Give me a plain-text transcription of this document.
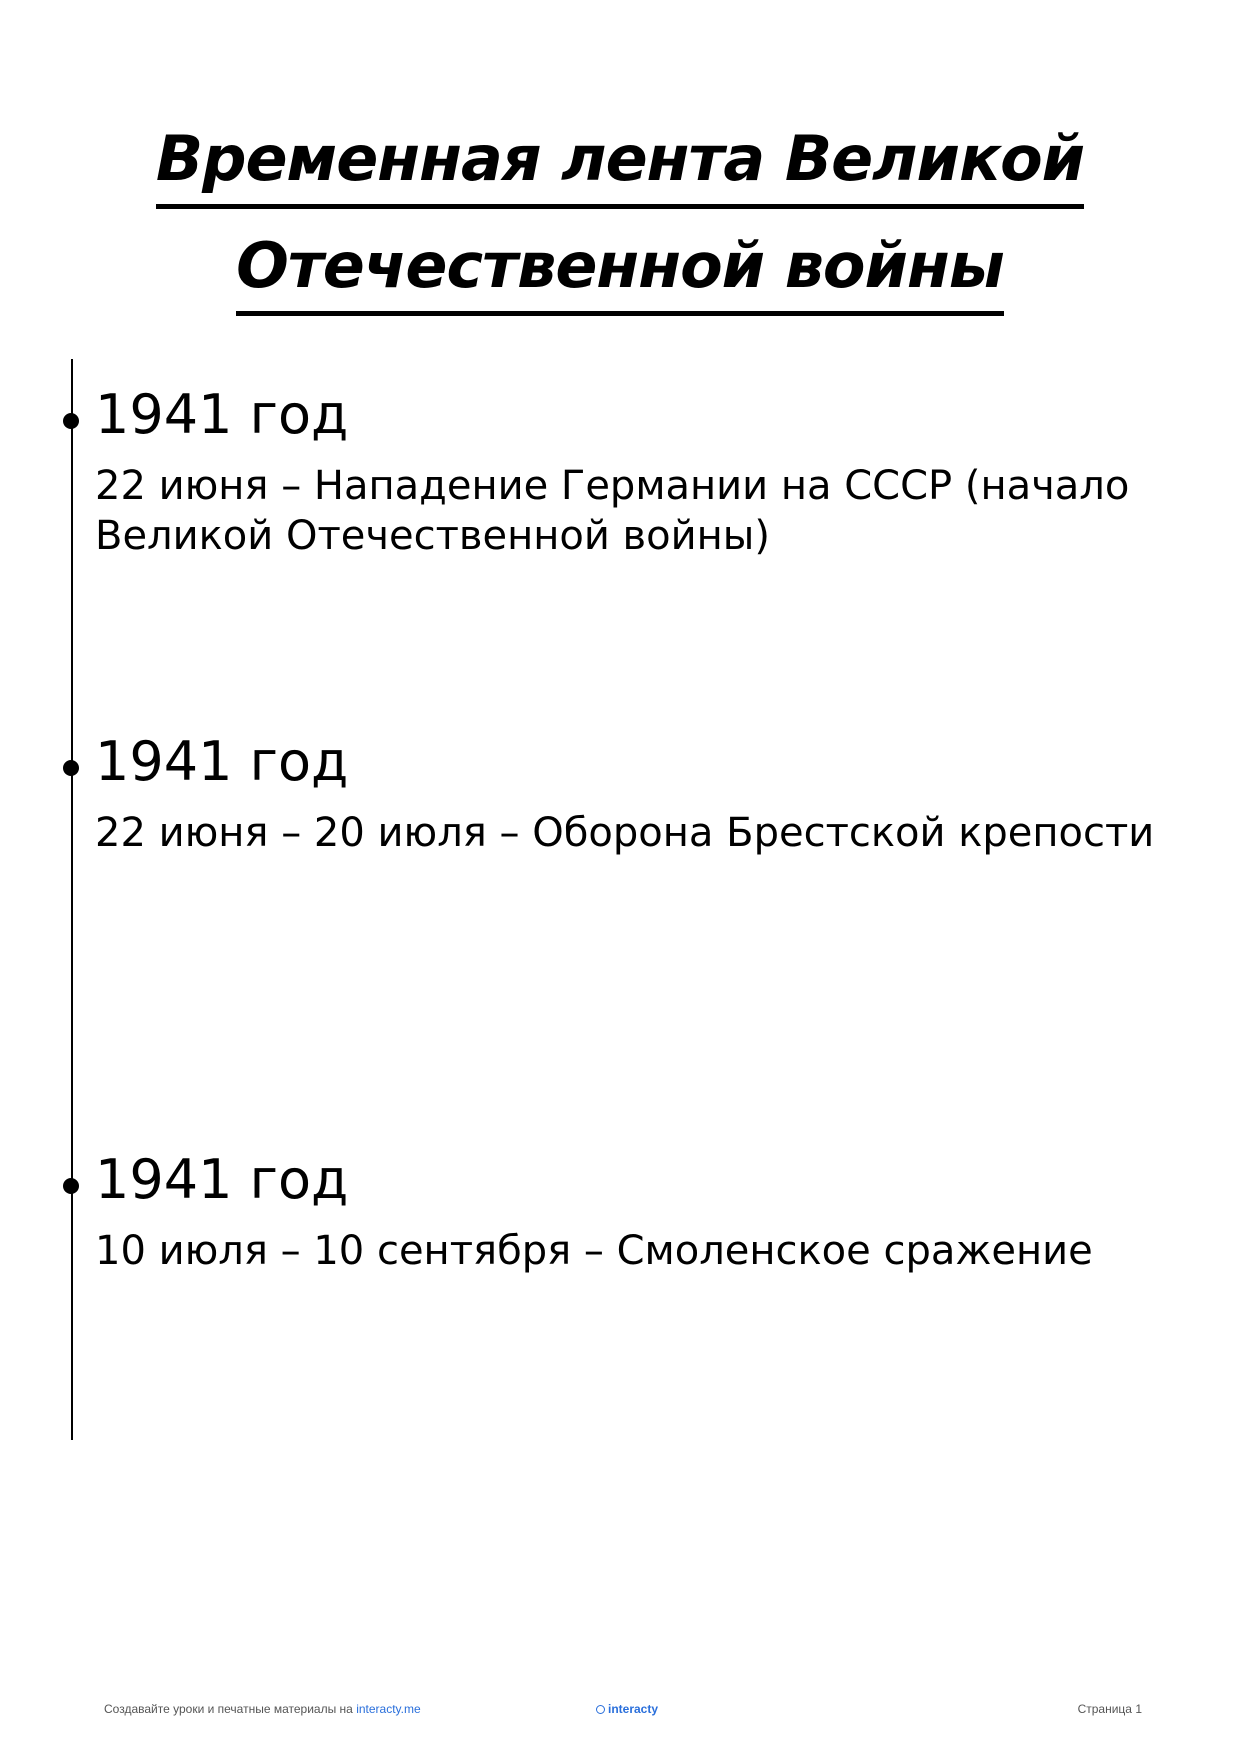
Временная лента Великой
Отечественной войны
1941 год
22 июня – Нападение Германии на СССР (начало Великой Отечественной войны)
1941 год
22 июня – 20 июля – Оборона Брестской крепости
1941 год
10 июля – 10 сентября – Смоленское сражение
Создавайте уроки и печатные материалы на interacty.me	interacty	Страница 1
